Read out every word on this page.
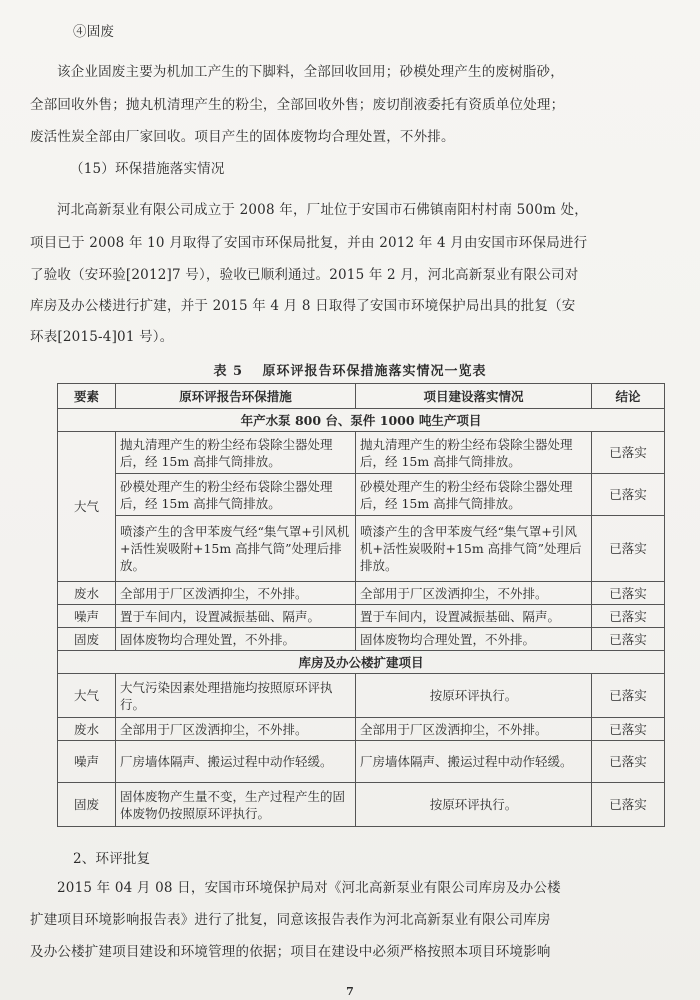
④固废
该企业固废主要为机加工产生的下脚料，全部回收回用；砂模处理产生的废树脂砂，
全部回收外售；抛丸机清理产生的粉尘，全部回收外售；废切削液委托有资质单位处理；
废活性炭全部由厂家回收。项目产生的固体废物均合理处置，不外排。
（15）环保措施落实情况
河北高新泵业有限公司成立于 2008 年，厂址位于安国市石佛镇南阳村村南 500m 处，
项目已于 2008 年 10 月取得了安国市环保局批复，并由 2012 年 4 月由安国市环保局进行
了验收（安环验[2012]7 号），验收已顺利通过。2015 年 2 月，河北高新泵业有限公司对
库房及办公楼进行扩建，并于 2015 年 4 月 8 日取得了安国市环境保护局出具的批复（安
环表[2015-4]01 号）。
表 5　 原环评报告环保措施落实情况一览表
要素	原环评报告环保措施	项目建设落实情况	结论
年产水泵 800 台、泵件 1000 吨生产项目			
大气	抛丸清理产生的粉尘经布袋除尘器处理后，经 15m 高排气筒排放。	抛丸清理产生的粉尘经布袋除尘器处理后，经 15m 高排气筒排放。	已落实
	砂模处理产生的粉尘经布袋除尘器处理后，经 15m 高排气筒排放。	砂模处理产生的粉尘经布袋除尘器处理后，经 15m 高排气筒排放。	已落实
	喷漆产生的含甲苯废气经“集气罩+引风机+活性炭吸附+15m 高排气筒”处理后排放。	喷漆产生的含甲苯废气经“集气罩+引风机+活性炭吸附+15m 高排气筒”处理后排放。	已落实
废水	全部用于厂区泼洒抑尘，不外排。	全部用于厂区泼洒抑尘，不外排。	已落实
噪声	置于车间内，设置减振基础、隔声。	置于车间内，设置减振基础、隔声。	已落实
固废	固体废物均合理处置，不外排。	固体废物均合理处置，不外排。	已落实
库房及办公楼扩建项目			
大气	大气污染因素处理措施均按照原环评执行。	按原环评执行。	已落实
废水	全部用于厂区泼洒抑尘，不外排。	全部用于厂区泼洒抑尘，不外排。	已落实
噪声	厂房墙体隔声、搬运过程中动作轻缓。	厂房墙体隔声、搬运过程中动作轻缓。	已落实
固废	固体废物产生量不变，生产过程产生的固体废物仍按照原环评执行。	按原环评执行。	已落实
2、环评批复
2015 年 04 月 08 日，安国市环境保护局对《河北高新泵业有限公司库房及办公楼
扩建项目环境影响报告表》进行了批复，同意该报告表作为河北高新泵业有限公司库房
及办公楼扩建项目建设和环境管理的依据；项目在建设中必须严格按照本项目环境影响
7
